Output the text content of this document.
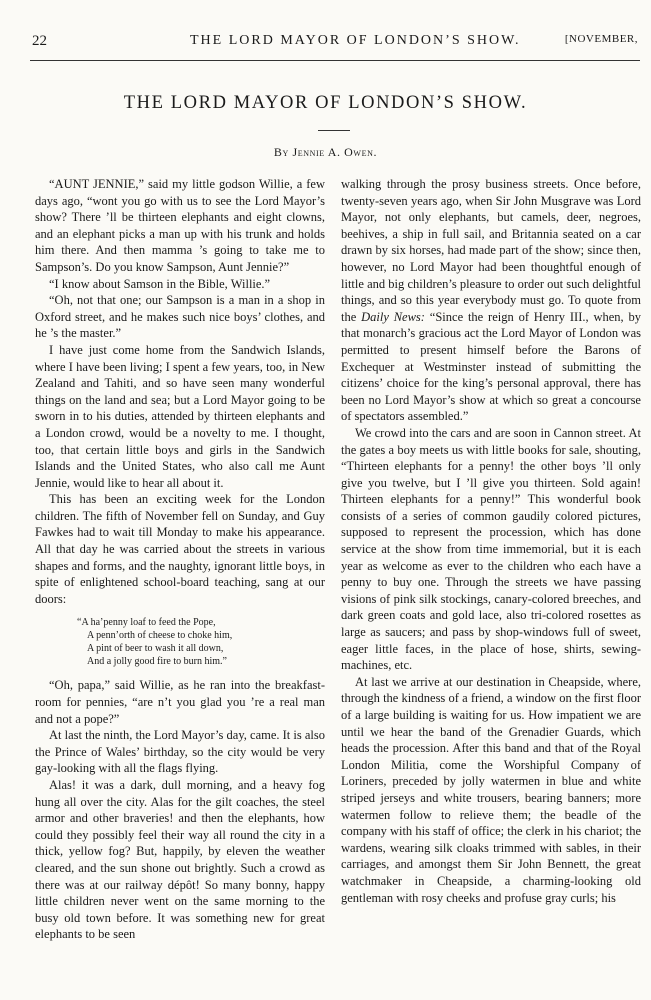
22	THE LORD MAYOR OF LONDON’S SHOW.	[NOVEMBER,
THE LORD MAYOR OF LONDON’S SHOW.
By Jennie A. Owen.

“AUNT JENNIE,” said my little godson Willie, a few days ago, “wont you go with us to see the Lord Mayor’s show? There ’ll be thirteen elephants and eight clowns, and an elephant picks a man up with his trunk and holds him there. And then mamma ’s going to take me to Sampson’s. Do you know Sampson, Aunt Jennie?”

“I know about Samson in the Bible, Willie.”

“Oh, not that one; our Sampson is a man in a shop in Oxford street, and he makes such nice boys’ clothes, and he ’s the master.”

I have just come home from the Sandwich Islands, where I have been living; I spent a few years, too, in New Zealand and Tahiti, and so have seen many wonderful things on the land and sea; but a Lord Mayor going to be sworn in to his duties, attended by thirteen elephants and a London crowd, would be a novelty to me. I thought, too, that certain little boys and girls in the Sandwich Islands and the United States, who also call me Aunt Jennie, would like to hear all about it.

This has been an exciting week for the London children. The fifth of November fell on Sunday, and Guy Fawkes had to wait till Monday to make his appearance. All that day he was carried about the streets in various shapes and forms, and the naughty, ignorant little boys, in spite of enlightened school-board teaching, sang at our doors:

“A ha’penny loaf to feed the Pope,
A penn’orth of cheese to choke him,
A pint of beer to wash it all down,
And a jolly good fire to burn him.”

“Oh, papa,” said Willie, as he ran into the breakfast-room for pennies, “are n’t you glad you ’re a real man and not a pope?”

At last the ninth, the Lord Mayor’s day, came. It is also the Prince of Wales’ birthday, so the city would be very gay-looking with all the flags flying.

Alas! it was a dark, dull morning, and a heavy fog hung all over the city. Alas for the gilt coaches, the steel armor and other braveries! and then the elephants, how could they possibly feel their way all round the city in a thick, yellow fog? But, happily, by eleven the weather cleared, and the sun shone out brightly. Such a crowd as there was at our railway dépôt! So many bonny, happy little children never went on the same morning to the busy old town before. It was something new for great elephants to be seen

walking through the prosy business streets. Once before, twenty-seven years ago, when Sir John Musgrave was Lord Mayor, not only elephants, but camels, deer, negroes, beehives, a ship in full sail, and Britannia seated on a car drawn by six horses, had made part of the show; since then, however, no Lord Mayor had been thoughtful enough of little and big children’s pleasure to order out such delightful things, and so this year everybody must go. To quote from the Daily News: “Since the reign of Henry III., when, by that monarch’s gracious act the Lord Mayor of London was permitted to present himself before the Barons of Exchequer at Westminster instead of submitting the citizens’ choice for the king’s personal approval, there has been no Lord Mayor’s show at which so great a concourse of spectators assembled.”

We crowd into the cars and are soon in Cannon street. At the gates a boy meets us with little books for sale, shouting, “Thirteen elephants for a penny! the other boys ’ll only give you twelve, but I ’ll give you thirteen. Sold again! Thirteen elephants for a penny!” This wonderful book consists of a series of common gaudily colored pictures, supposed to represent the procession, which has done service at the show from time immemorial, but it is each year as welcome as ever to the children who each have a penny to buy one. Through the streets we have passing visions of pink silk stockings, canary-colored breeches, and dark green coats and gold lace, also tri-colored rosettes as large as saucers; and pass by shop-windows full of sweet, eager little faces, in the place of hose, shirts, sewing-machines, etc.

At last we arrive at our destination in Cheapside, where, through the kindness of a friend, a window on the first floor of a large building is waiting for us. How impatient we are until we hear the band of the Grenadier Guards, which heads the procession. After this band and that of the Royal London Militia, come the Worshipful Company of Loriners, preceded by jolly watermen in blue and white striped jerseys and white trousers, bearing banners; more watermen follow to relieve them; the beadle of the company with his staff of office; the clerk in his chariot; the wardens, wearing silk cloaks trimmed with sables, in their carriages, and amongst them Sir John Bennett, the great watchmaker in Cheapside, a charming-looking old gentleman with rosy cheeks and profuse gray curls; his
